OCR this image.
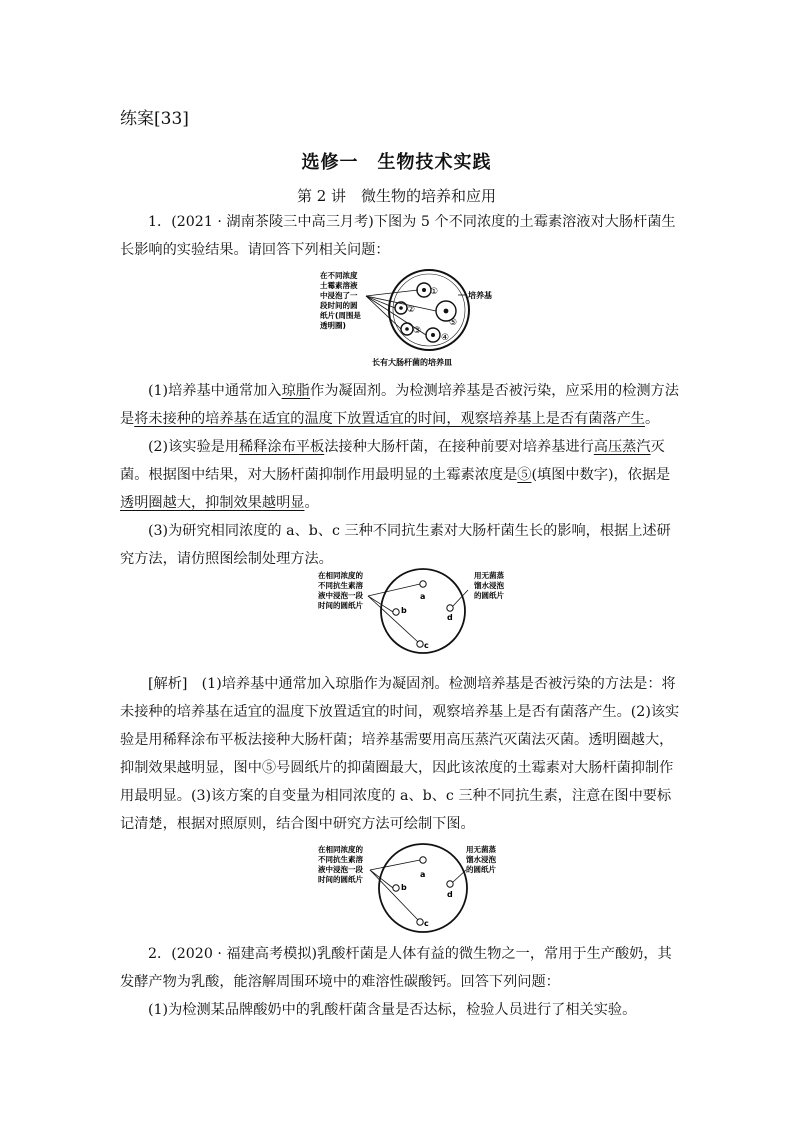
练案[33]
选修一　生物技术实践
第 2 讲　微生物的培养和应用
1．(2021 · 湖南茶陵三中高三月考)下图为 5 个不同浓度的土霉素溶液对大肠杆菌生长影响的实验结果。请回答下列相关问题：
在不同浓度
土霉素溶液
中浸泡了一
段时间的圆
纸片(周围是
透明圈)
①
②
③
④
⑤
培养基
长有大肠杆菌的培养皿
(1)培养基中通常加入琼脂作为凝固剂。为检测培养基是否被污染，应采用的检测方法是将未接种的培养基在适宜的温度下放置适宜的时间，观察培养基上是否有菌落产生。
(2)该实验是用稀释涂布平板法接种大肠杆菌，在接种前要对培养基进行高压蒸汽灭菌。根据图中结果，对大肠杆菌抑制作用最明显的土霉素浓度是⑤(填图中数字)，依据是透明圈越大，抑制效果越明显。
(3)为研究相同浓度的 a、b、c 三种不同抗生素对大肠杆菌生长的影响，根据上述研究方法，请仿照图绘制处理方法。
在相同浓度的
不同抗生素溶
液中浸泡一段
时间的圆纸片
a
b
c
d
用无菌蒸
馏水浸泡
的圆纸片
[解析]　(1)培养基中通常加入琼脂作为凝固剂。检测培养基是否被污染的方法是：将未接种的培养基在适宜的温度下放置适宜的时间，观察培养基上是否有菌落产生。(2)该实验是用稀释涂布平板法接种大肠杆菌；培养基需要用高压蒸汽灭菌法灭菌。透明圈越大，抑制效果越明显，图中⑤号圆纸片的抑菌圈最大，因此该浓度的土霉素对大肠杆菌抑制作用最明显。(3)该方案的自变量为相同浓度的 a、b、c 三种不同抗生素，注意在图中要标记清楚，根据对照原则，结合图中研究方法可绘制下图。
在相同浓度的
不同抗生素溶
液中浸泡一段
时间的圆纸片
a
b
c
d
用无菌蒸
馏水浸泡
的圆纸片
2．(2020 · 福建高考模拟)乳酸杆菌是人体有益的微生物之一，常用于生产酸奶，其发酵产物为乳酸，能溶解周围环境中的难溶性碳酸钙。回答下列问题：
(1)为检测某品牌酸奶中的乳酸杆菌含量是否达标，检验人员进行了相关实验。
